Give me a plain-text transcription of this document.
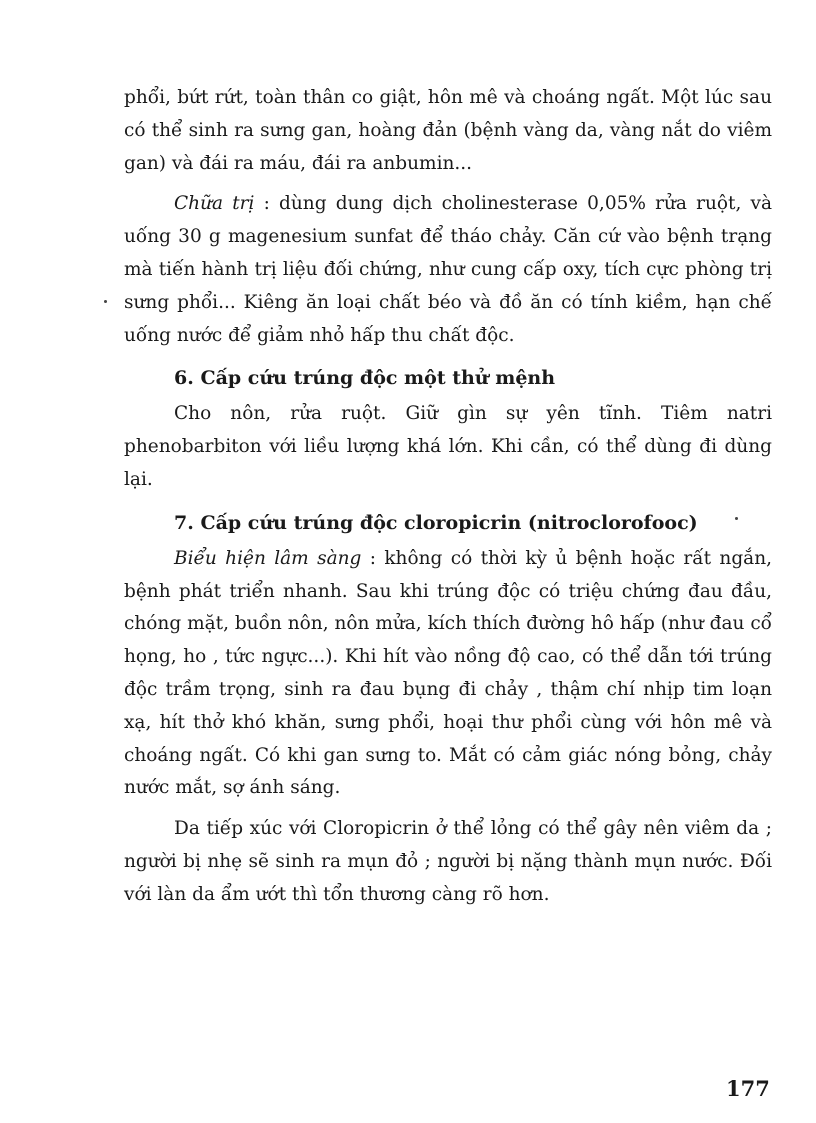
phổi, bứt rứt, toàn thân co giật, hôn mê và choáng ngất. Một lúc sau có thể sinh ra sưng gan, hoàng đản (bệnh vàng da, vàng nắt do viêm gan) và đái ra máu, đái ra anbumin...

Chữa trị : dùng dung dịch cholinesterase 0,05% rửa ruột, và uống 30 g magenesium sunfat để tháo chảy. Căn cứ vào bệnh trạng mà tiến hành trị liệu đối chứng, như cung cấp oxy, tích cực phòng trị sưng phổi... Kiêng ăn loại chất béo và đồ ăn có tính kiềm, hạn chế uống nước để giảm nhỏ hấp thu chất độc.

6. Cấp cứu trúng độc một thử mệnh

Cho nôn, rửa ruột. Giữ gìn sự yên tĩnh. Tiêm natri phenobarbiton với liều lượng khá lớn. Khi cần, có thể dùng đi dùng lại.

7. Cấp cứu trúng độc cloropicrin (nitroclorofooc)

Biểu hiện lâm sàng : không có thời kỳ ủ bệnh hoặc rất ngắn, bệnh phát triển nhanh. Sau khi trúng độc có triệu chứng đau đầu, chóng mặt, buồn nôn, nôn mửa, kích thích đường hô hấp (như đau cổ họng, ho , tức ngực...). Khi hít vào nồng độ cao, có thể dẫn tới trúng độc trầm trọng, sinh ra đau bụng đi chảy , thậm chí nhịp tim loạn xạ, hít thở khó khăn, sưng phổi, hoại thư phổi cùng với hôn mê và choáng ngất. Có khi gan sưng to. Mắt có cảm giác nóng bỏng, chảy nước mắt, sợ ánh sáng.

Da tiếp xúc với Cloropicrin ở thể lỏng có thể gây nên viêm da ; người bị nhẹ sẽ sinh ra mụn đỏ ; người bị nặng thành mụn nước. Đối với làn da ẩm ướt thì tổn thương càng rõ hơn.

177
